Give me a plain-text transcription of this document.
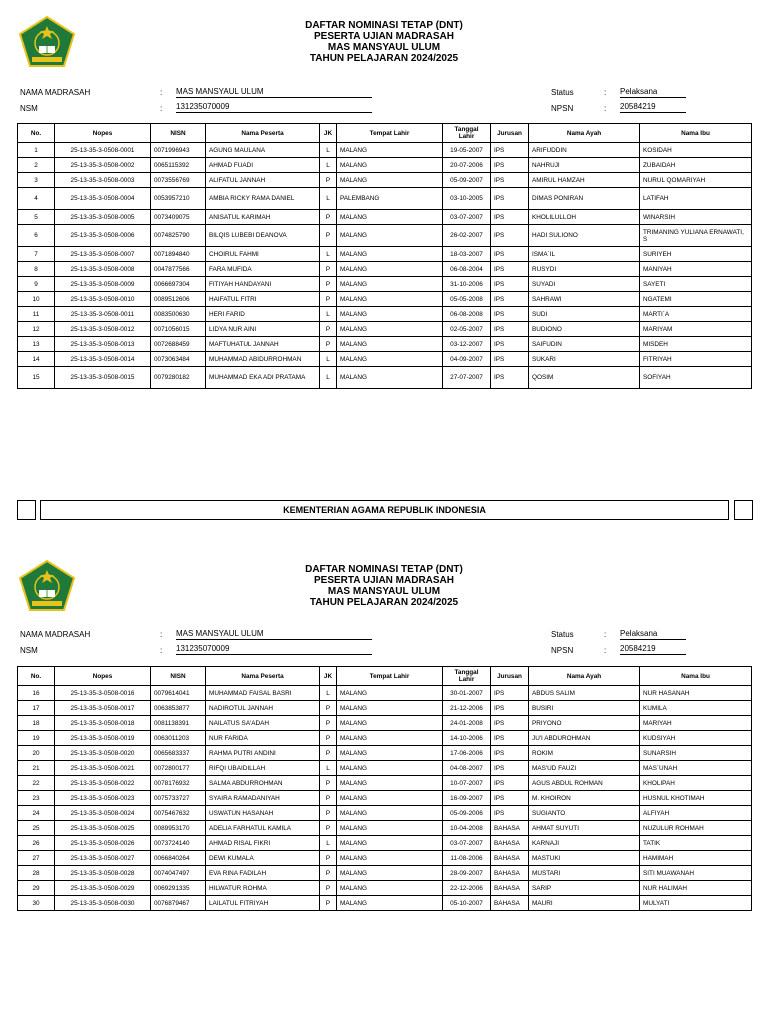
DAFTAR NOMINASI TETAP (DNT)
PESERTA UJIAN MADRASAH
MAS MANSYAUL ULUM
TAHUN PELAJARAN 2024/2025
NAMA MADRASAH	: MAS MANSYAUL ULUM
NSM	: 131235070009
Status	: Pelaksana
NPSN	: 20584219
No.	Nopes	NISN	Nama Peserta	JK	Tempat Lahir	Tanggal Lahir	Jurusan	Nama Ayah	Nama Ibu
1	25-13-35-3-0508-0001	0071996943	AGUNG MAULANA	L	MALANG	19-05-2007	IPS	ARIFUDDIN	KOSIDAH
2	25-13-35-3-0508-0002	0065115392	AHMAD FUADI	L	MALANG	20-07-2006	IPS	NAHRUJI	ZUBAIDAH
3	25-13-35-3-0508-0003	0073556769	ALIFATUL JANNAH	P	MALANG	05-09-2007	IPS	AMIRUL HAMZAH	NURUL QOMARIYAH
4	25-13-35-3-0508-0004	0053957210	AMBIA RICKY RAMA DANIEL	L	PALEMBANG	03-10-2005	IPS	DIMAS PONIRAN	LATIFAH
5	25-13-35-3-0508-0005	0073409075	ANISATUL KARIMAH	P	MALANG	03-07-2007	IPS	KHOLILULLOH	WINARSIH
6	25-13-35-3-0508-0006	0074825790	BILQIS LUBEBI DEANOVA	P	MALANG	26-02-2007	IPS	HADI SULIONO	TRIMANING YULIANA ERNAWATI, S
7	25-13-35-3-0508-0007	0071894840	CHOIRUL FAHMI	L	MALANG	18-03-2007	IPS	ISMA`IL	SURIYEH
8	25-13-35-3-0508-0008	0047877566	FARA MUFIDA	P	MALANG	06-08-2004	IPS	RUSYDI	MANIYAH
9	25-13-35-3-0508-0009	0066697304	FITIYAH HANDAYANI	P	MALANG	31-10-2006	IPS	SUYADI	SAYETI
10	25-13-35-3-0508-0010	0089512606	HAIFATUL FITRI	P	MALANG	05-05-2008	IPS	SAHRAWI	NGATEMI
11	25-13-35-3-0508-0011	0083500630	HERI FARID	L	MALANG	06-08-2008	IPS	SUDI	MARTI`A
12	25-13-35-3-0508-0012	0071056015	LIDYA NUR AINI	P	MALANG	02-05-2007	IPS	BUDIONO	MARIYAM
13	25-13-35-3-0508-0013	0072688459	MAFTUHATUL JANNAH	P	MALANG	03-12-2007	IPS	SAIFUDIN	MISDEH
14	25-13-35-3-0508-0014	0073063484	MUHAMMAD ABIDURROHMAN	L	MALANG	04-09-2007	IPS	SUKARI	FITRIYAH
15	25-13-35-3-0508-0015	0079280182	MUHAMMAD EKA ADI PRATAMA	L	MALANG	27-07-2007	IPS	QOSIM	SOFIYAH
KEMENTERIAN AGAMA REPUBLIK INDONESIA
DAFTAR NOMINASI TETAP (DNT)
PESERTA UJIAN MADRASAH
MAS MANSYAUL ULUM
TAHUN PELAJARAN 2024/2025
NAMA MADRASAH	: MAS MANSYAUL ULUM
NSM	: 131235070009
Status	: Pelaksana
NPSN	: 20584219
No.	Nopes	NISN	Nama Peserta	JK	Tempat Lahir	Tanggal Lahir	Jurusan	Nama Ayah	Nama Ibu
16	25-13-35-3-0508-0016	0079614041	MUHAMMAD FAISAL BASRI	L	MALANG	30-01-2007	IPS	ABDUS SALIM	NUR HASANAH
17	25-13-35-3-0508-0017	0063853877	NADIROTUL JANNAH	P	MALANG	21-12-2006	IPS	BUSIRI	KUMILA
18	25-13-35-3-0508-0018	0081138391	NAILATUS SA'ADAH	P	MALANG	24-01-2008	IPS	PRIYONO	MARIYAH
19	25-13-35-3-0508-0019	0063011203	NUR FARIDA	P	MALANG	14-10-2006	IPS	JU'I ABDUROHMAN	KUDSIYAH
20	25-13-35-3-0508-0020	0065683337	RAHMA PUTRI ANDINI	P	MALANG	17-06-2006	IPS	ROKIM	SUNARSIH
21	25-13-35-3-0508-0021	0072800177	RIFQI UBAIDILLAH	L	MALANG	04-08-2007	IPS	MAS'UD FAUZI	MAS`UNAH
22	25-13-35-3-0508-0022	0078176932	SALMA ABDURROHMAN	P	MALANG	10-07-2007	IPS	AGUS ABDUL ROHMAN	KHOLIPAH
23	25-13-35-3-0508-0023	0075733727	SYAIRA RAMADANIYAH	P	MALANG	16-09-2007	IPS	M. KHOIRON	HUSNUL KHOTIMAH
24	25-13-35-3-0508-0024	0075467632	USWATUN HASANAH	P	MALANG	05-09-2006	IPS	SUGIANTO	ALFIYAH
25	25-13-35-3-0508-0025	0089953170	ADELIA FARHATUL KAMILA	P	MALANG	10-04-2008	BAHASA	AHMAT SUYUTI	NUZULUR ROHMAH
26	25-13-35-3-0508-0026	0073724140	AHMAD RISAL FIKRI	L	MALANG	03-07-2007	BAHASA	KARNAJI	TATIK
27	25-13-35-3-0508-0027	0066840264	DEWI KUMALA	P	MALANG	11-08-2006	BAHASA	MASTUKI	HAMIMAH
28	25-13-35-3-0508-0028	0074047497	EVA RINA FADILAH	P	MALANG	28-09-2007	BAHASA	MUSTARI	SITI MUAWANAH
29	25-13-35-3-0508-0029	0069291335	HILWATUR ROHMA	P	MALANG	22-12-2006	BAHASA	SARIP	NUR HALIMAH
30	25-13-35-3-0508-0030	0076879467	LAILATUL FITRIYAH	P	MALANG	05-10-2007	BAHASA	MAURI	MULYATI
